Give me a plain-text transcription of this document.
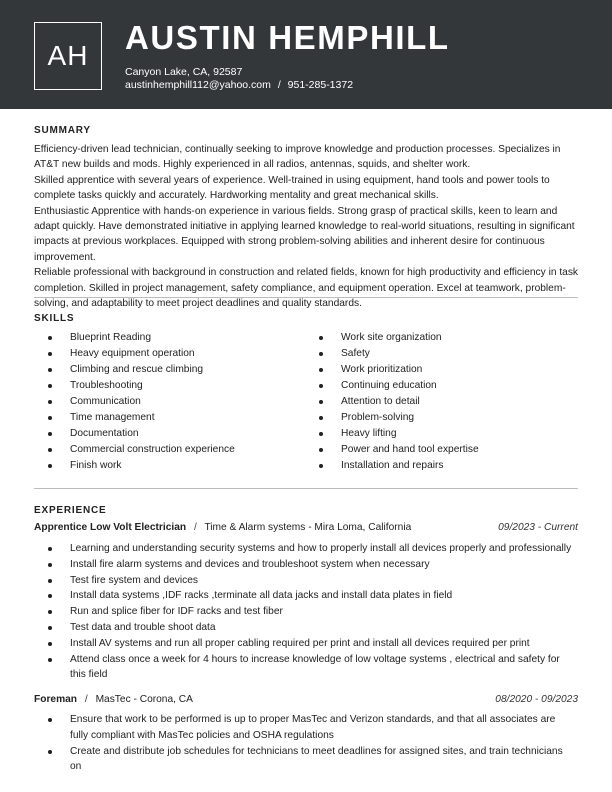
AH	AUSTIN HEMPHILL
Canyon Lake, CA, 92587
austinhemphill112@yahoo.com / 951-285-1372
SUMMARY

Efficiency-driven lead technician, continually seeking to improve knowledge and production processes. Specializes in AT&T new builds and mods. Highly experienced in all radios, antennas, squids, and shelter work.

Skilled apprentice with several years of experience. Well-trained in using equipment, hand tools and power tools to complete tasks quickly and accurately. Hardworking mentality and great mechanical skills.

Enthusiastic Apprentice with hands-on experience in various fields. Strong grasp of practical skills, keen to learn and adapt quickly. Have demonstrated initiative in applying learned knowledge to real-world situations, resulting in significant impacts at previous workplaces. Equipped with strong problem-solving abilities and inherent desire for continuous improvement.

Reliable professional with background in construction and related fields, known for high productivity and efficiency in task completion. Skilled in project management, safety compliance, and equipment operation. Excel at teamwork, problem-solving, and adaptability to meet project deadlines and quality standards.

SKILLS
Blueprint Reading
Heavy equipment operation
Climbing and rescue climbing
Troubleshooting
Communication
Time management
Documentation
Commercial construction experience
Finish work
Work site organization
Safety
Work prioritization
Continuing education
Attention to detail
Problem-solving
Heavy lifting
Power and hand tool expertise
Installation and repairs
EXPERIENCE
Apprentice Low Volt Electrician / Time & Alarm systems - Mira Loma, California	09/2023 - Current
Learning and understanding security systems and how to properly install all devices properly and professionally
Install fire alarm systems and devices and troubleshoot system when necessary
Test fire system and devices
Install data systems ,IDF racks ,terminate all data jacks and install data plates in field
Run and splice fiber for IDF racks and test fiber
Test data and trouble shoot data
Install AV systems and run all proper cabling required per print and install all devices required per print
Attend class once a week for 4 hours to increase knowledge of low voltage systems , electrical and safety for this field
Foreman / MasTec - Corona, CA	08/2020 - 09/2023
Ensure that work to be performed is up to proper MasTec and Verizon standards, and that all associates are fully compliant with MasTec policies and OSHA regulations
Create and distribute job schedules for technicians to meet deadlines for assigned sites, and train technicians on
